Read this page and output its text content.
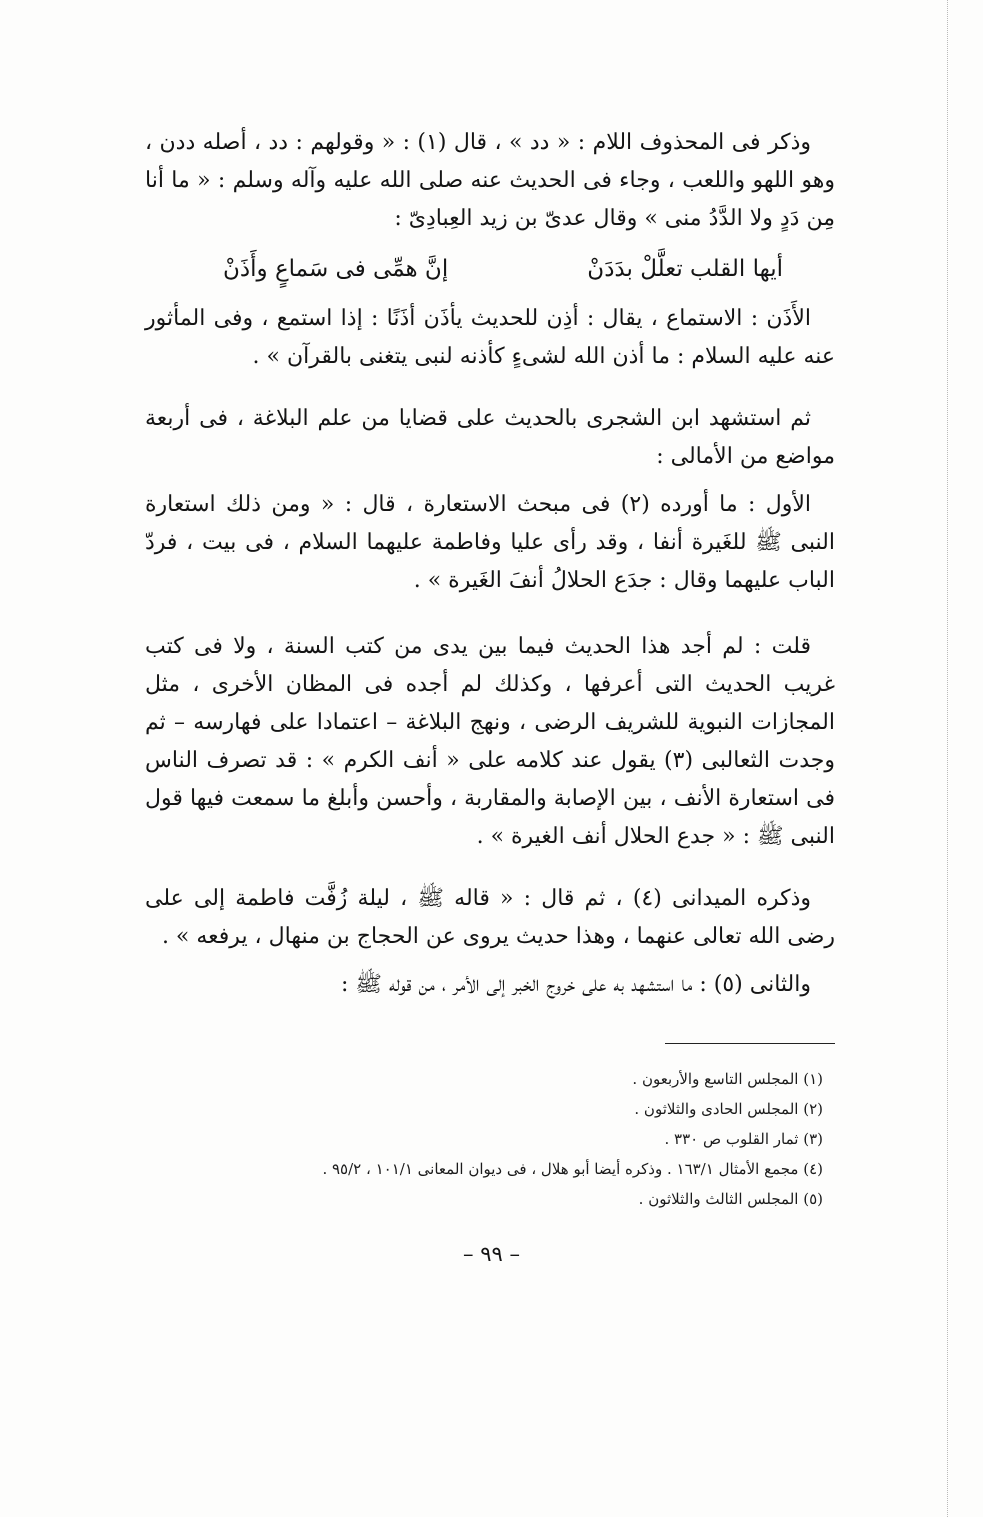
وذكر فى المحذوف اللام : « دد » ، قال (١) : « وقولهم : دد ، أصله ددن ، وهو اللهو واللعب ، وجاء فى الحديث عنه صلى الله عليه وآله وسلم : « ما أنا مِن دَدٍ ولا الدَّدُ منى » وقال عدىّ بن زيد العِبادِىّ :

أيها القلب تعلَّلْ بدَدَنْ
إنَّ همِّى فى سَماعٍ وأَذَنْ

الأَذَن : الاستماع ، يقال : أذِن للحديث يأذَن أذَنًا : إذا استمع ، وفى المأثور عنه عليه السلام : ما أذن الله لشىءٍ كأذنه لنبى يتغنى بالقرآن » .

ثم استشهد ابن الشجرى بالحديث على قضايا من علم البلاغة ، فى أربعة مواضع من الأمالى :

الأول : ما أورده (٢) فى مبحث الاستعارة ، قال : « ومن ذلك استعارة النبى ﷺ للغَيرة أنفا ، وقد رأى عليا وفاطمة عليهما السلام ، فى بيت ، فردّ الباب عليهما وقال : جدَع الحلالُ أنفَ الغَيرة » .

قلت : لم أجد هذا الحديث فيما بين يدى من كتب السنة ، ولا فى كتب غريب الحديث التى أعرفها ، وكذلك لم أجده فى المظان الأخرى ، مثل المجازات النبوية للشريف الرضى ، ونهج البلاغة – اعتمادا على فهارسه – ثم وجدت الثعالبى (٣) يقول عند كلامه على « أنف الكرم » : قد تصرف الناس فى استعارة الأنف ، بين الإصابة والمقاربة ، وأحسن وأبلغ ما سمعت فيها قول النبى ﷺ : « جدع الحلال أنف الغيرة » .

وذكره الميدانى (٤) ، ثم قال : « قاله ﷺ ، ليلة زُفَّت فاطمة إلى على رضى الله تعالى عنهما ، وهذا حديث يروى عن الحجاج بن منهال ، يرفعه » .

والثانى (٥) : ما استشهد به على خروج الخبر إلى الأمر ، من قوله ﷺ :

(١) المجلس التاسع والأربعون .

(٢) المجلس الحادى والثلاثون .

(٣) ثمار القلوب ص ٣٣٠ .

(٤) مجمع الأمثال ١٦٣/١ . وذكره أيضا أبو هلال ، فى ديوان المعانى ١٠١/١ ، ٩٥/٢ .

(٥) المجلس الثالث والثلاثون .

– ٩٩ –
